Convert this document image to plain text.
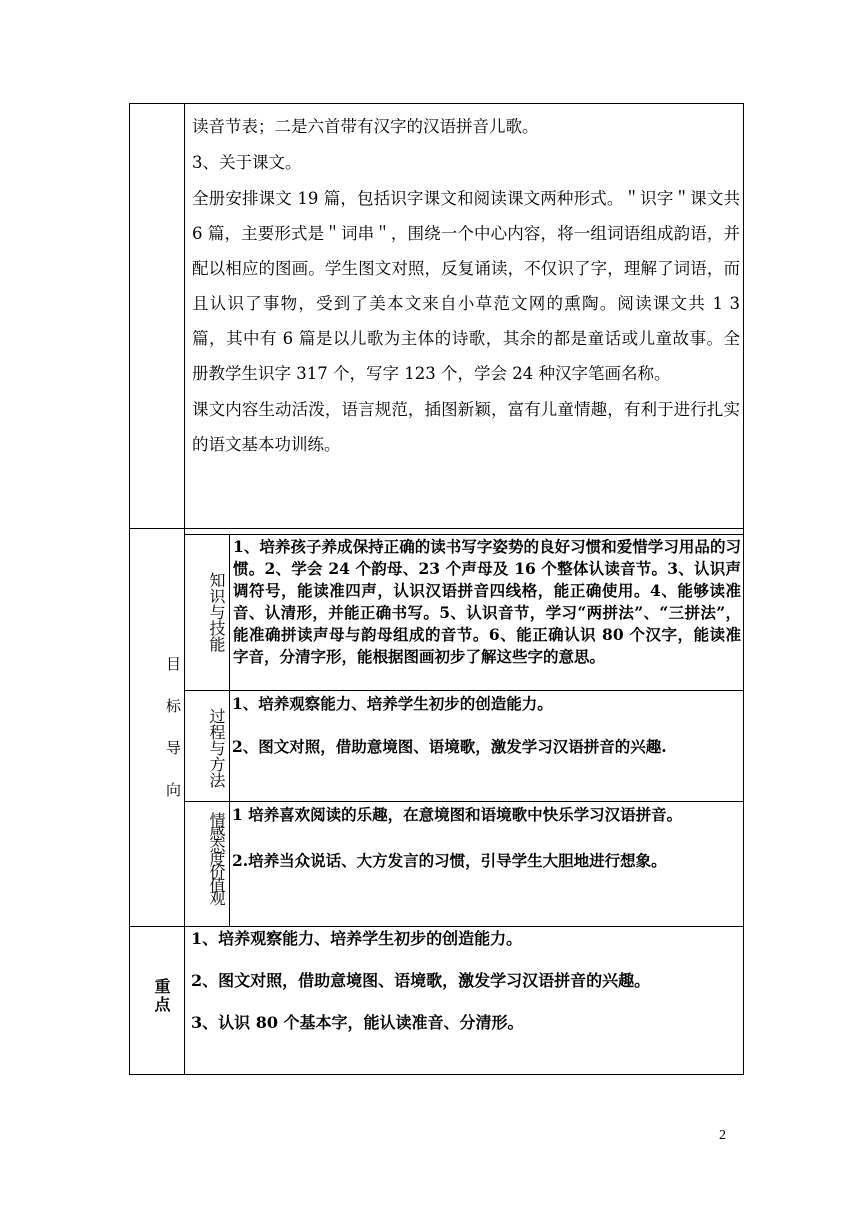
读音节表；二是六首带有汉字的汉语拼音儿歌。

3、关于课文。

全册安排课文 19 篇，包括识字课文和阅读课文两种形式。＂识字＂课文共 6 篇，主要形式是＂词串＂，围绕一个中心内容，将一组词语组成韵语，并配以相应的图画。学生图文对照，反复诵读，不仅识了字，理解了词语，而且认识了事物，受到了美本文来自小草范文网的熏陶。阅读课文共 1 3 篇，其中有 6 篇是以儿歌为主体的诗歌，其余的都是童话或儿童故事。全册教学生识字 317 个，写字 123 个，学会 24 种汉字笔画名称。

课文内容生动活泼，语言规范，插图新颖，富有儿童情趣，有利于进行扎实的语文基本功训练。

目标导向
知识与技能
1、培养孩子养成保持正确的读书写字姿势的良好习惯和爱惜学习用品的习惯。2、学会 24 个韵母、23 个声母及 16 个整体认读音节。3、认识声调符号，能读准四声，认识汉语拼音四线格，能正确使用。4、能够读准音、认清形，并能正确书写。5、认识音节，学习“两拼法”、“三拼法”，能准确拼读声母与韵母组成的音节。6、能正确认识 80 个汉字，能读准字音，分清字形，能根据图画初步了解这些字的意思。
过程与方法
1、培养观察能力、培养学生初步的创造能力。
2、图文对照，借助意境图、语境歌，激发学习汉语拼音的兴趣.
情感态度价值观 1 培养喜欢阅读的乐趣，在意境图和语境歌中快乐学习汉语拼音。
2.培养当众说话、大方发言的习惯，引导学生大胆地进行想象。
重点

1、培养观察能力、培养学生初步的创造能力。

2、图文对照，借助意境图、语境歌，激发学习汉语拼音的兴趣。

3、认识 80 个基本字，能认读准音、分清形。

2
